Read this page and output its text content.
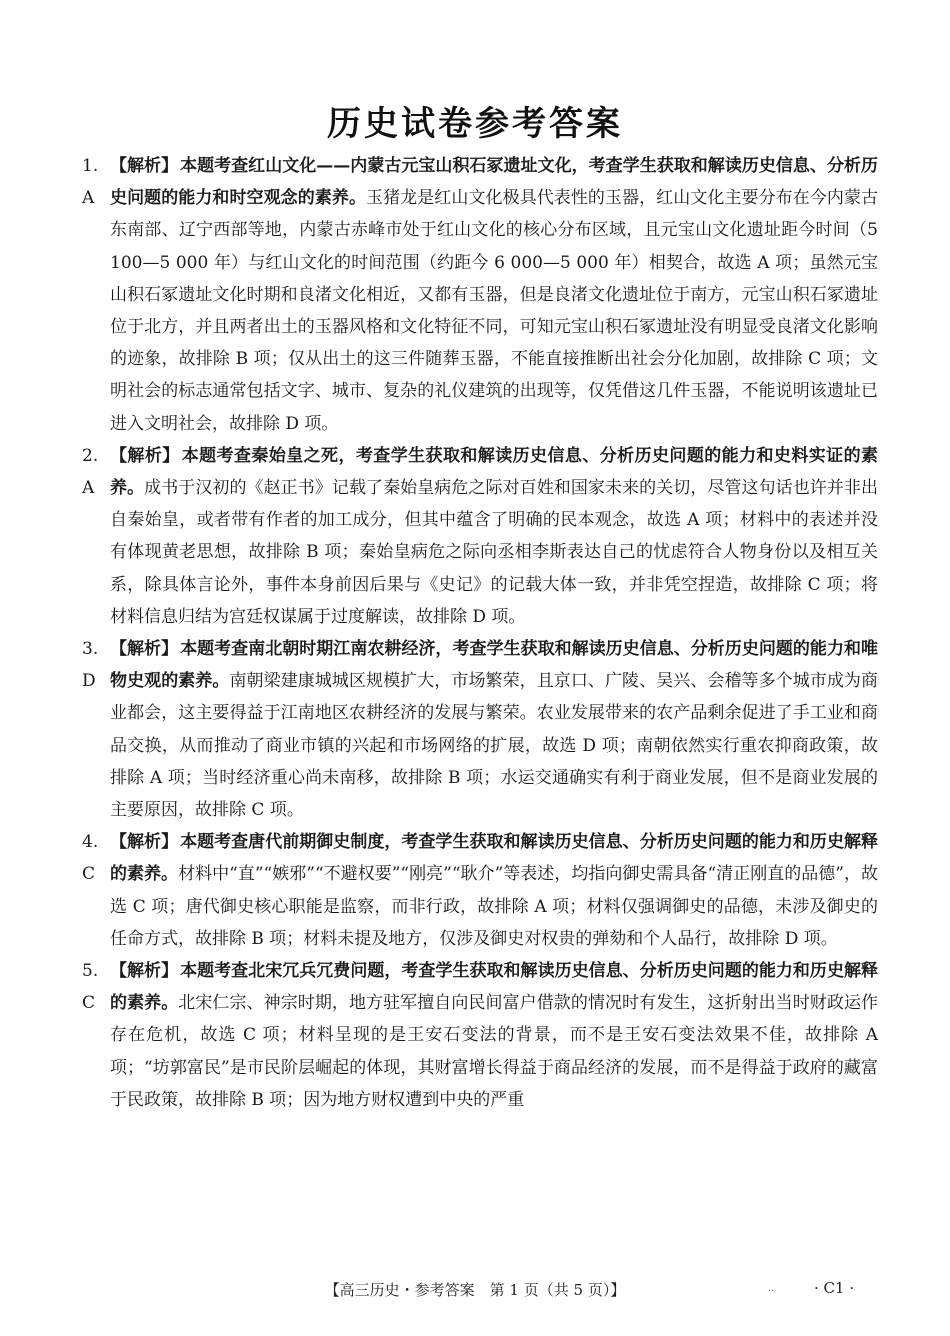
历史试卷参考答案
1. A
【解析】 本题考查红山文化——内蒙古元宝山积石冢遗址文化，考查学生获取和解读历史信息、分析历史问题的能力和时空观念的素养。玉猪龙是红山文化极具代表性的玉器，红山文化主要分布在今内蒙古东南部、辽宁西部等地，内蒙古赤峰市处于红山文化的核心分布区域，且元宝山文化遗址距今时间（5 100—5 000 年）与红山文化的时间范围（约距今 6 000—5 000 年）相契合，故选 A 项；虽然元宝山积石冢遗址文化时期和良渚文化相近，又都有玉器，但是良渚文化遗址位于南方，元宝山积石冢遗址位于北方，并且两者出土的玉器风格和文化特征不同，可知元宝山积石冢遗址没有明显受良渚文化影响的迹象，故排除 B 项；仅从出土的这三件随葬玉器，不能直接推断出社会分化加剧，故排除 C 项；文明社会的标志通常包括文字、城市、复杂的礼仪建筑的出现等，仅凭借这几件玉器，不能说明该遗址已进入文明社会，故排除 D 项。
2. A
【解析】 本题考查秦始皇之死，考查学生获取和解读历史信息、分析历史问题的能力和史料实证的素养。成书于汉初的《赵正书》记载了秦始皇病危之际对百姓和国家未来的关切，尽管这句话也许并非出自秦始皇，或者带有作者的加工成分，但其中蕴含了明确的民本观念，故选 A 项；材料中的表述并没有体现黄老思想，故排除 B 项；秦始皇病危之际向丞相李斯表达自己的忧虑符合人物身份以及相互关系，除具体言论外，事件本身前因后果与《史记》的记载大体一致，并非凭空捏造，故排除 C 项；将材料信息归结为宫廷权谋属于过度解读，故排除 D 项。
3. D
【解析】 本题考查南北朝时期江南农耕经济，考查学生获取和解读历史信息、分析历史问题的能力和唯物史观的素养。南朝梁建康城城区规模扩大，市场繁荣，且京口、广陵、吴兴、会稽等多个城市成为商业都会，这主要得益于江南地区农耕经济的发展与繁荣。农业发展带来的农产品剩余促进了手工业和商品交换，从而推动了商业市镇的兴起和市场网络的扩展，故选 D 项；南朝依然实行重农抑商政策，故排除 A 项；当时经济重心尚未南移，故排除 B 项；水运交通确实有利于商业发展，但不是商业发展的主要原因，故排除 C 项。
4. C
【解析】 本题考查唐代前期御史制度，考查学生获取和解读历史信息、分析历史问题的能力和历史解释的素养。材料中“直”“嫉邪”“不避权要”“刚亮”“耿介”等表述，均指向御史需具备“清正刚直的品德”，故选 C 项；唐代御史核心职能是监察，而非行政，故排除 A 项；材料仅强调御史的品德，未涉及御史的任命方式，故排除 B 项；材料未提及地方，仅涉及御史对权贵的弹劾和个人品行，故排除 D 项。
5. C
【解析】 本题考查北宋冗兵冗费问题，考查学生获取和解读历史信息、分析历史问题的能力和历史解释的素养。北宋仁宗、神宗时期，地方驻军擅自向民间富户借款的情况时有发生，这折射出当时财政运作存在危机，故选 C 项；材料呈现的是王安石变法的背景，而不是王安石变法效果不佳，故排除 A 项；“坊郭富民”是市民阶层崛起的体现，其财富增长得益于商品经济的发展，而不是得益于政府的藏富于民政策，故排除 B 项；因为地方财权遭到中央的严重
【高三历史・参考答案　第 1 页（共 5 页）】	..	· C1 ·
